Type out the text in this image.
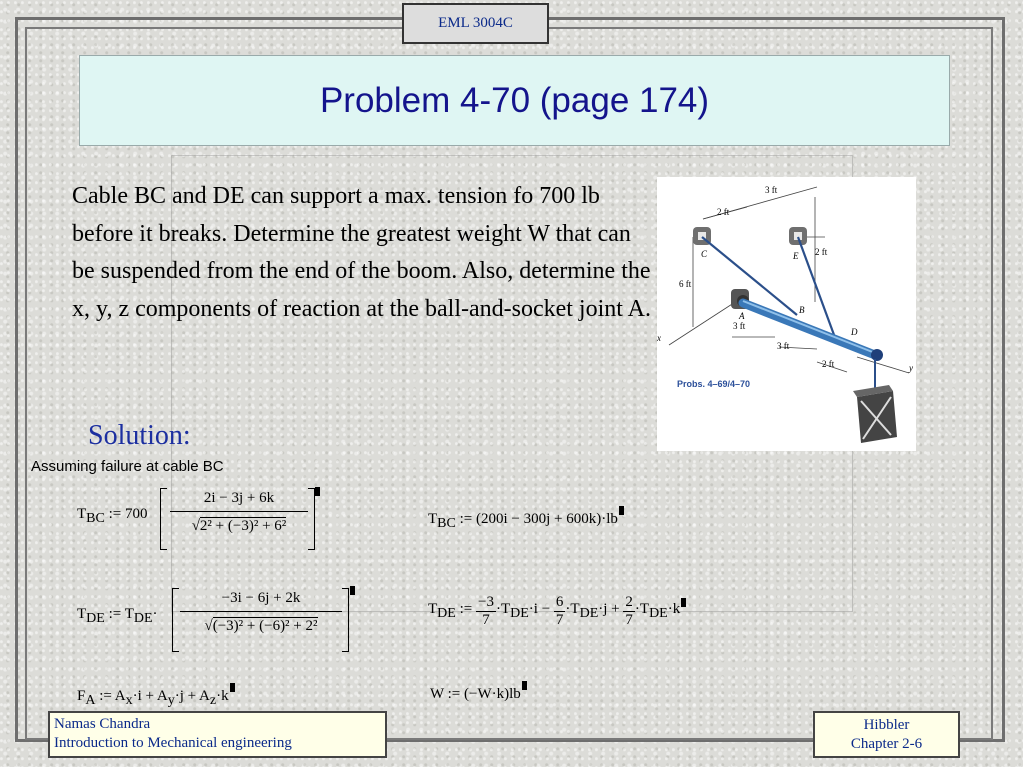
EML 3004C
Problem 4-70 (page 174)
Cable BC and DE can support a max. tension fo 700 lb before it breaks. Determine the greatest weight W that can be suspended from the end of the boom. Also, determine the x, y, z components of reaction at the ball-and-socket joint A.
3 ft
2 ft
2 ft
6 ft
3 ft
3 ft
2 ft
C	E
A
B
D
x
y
Probs. 4–69/4–70
Solution:
Assuming failure at cable BC
$T_{BC}$ := $700 \frac{2i - 3j + 6k}{\text{√2² + (−3)² + 6²}}$	$T_{BC}$ := (200i − 300j + 600k)·lb
$T_{DE}$ := $T_{DE}\cdot \frac{-3i - 6j + 2k}{\text{√(−3)² + (−6)² + 2²}}$	$T_{DE}$ := $\frac{-3}{7} \cdot T_{DE}\cdot i - \frac{6}{7} \cdot T_{DE}\cdot j + \frac{2}{7} \cdot T_{DE}\cdot k$
$F_A$ := $A_x\cdot i + A_y\cdot j + A_z\cdot k$	W := (−W·k)lb
Namas Chandra
Introduction to Mechanical engineering
Hibbler
Chapter 2-6
